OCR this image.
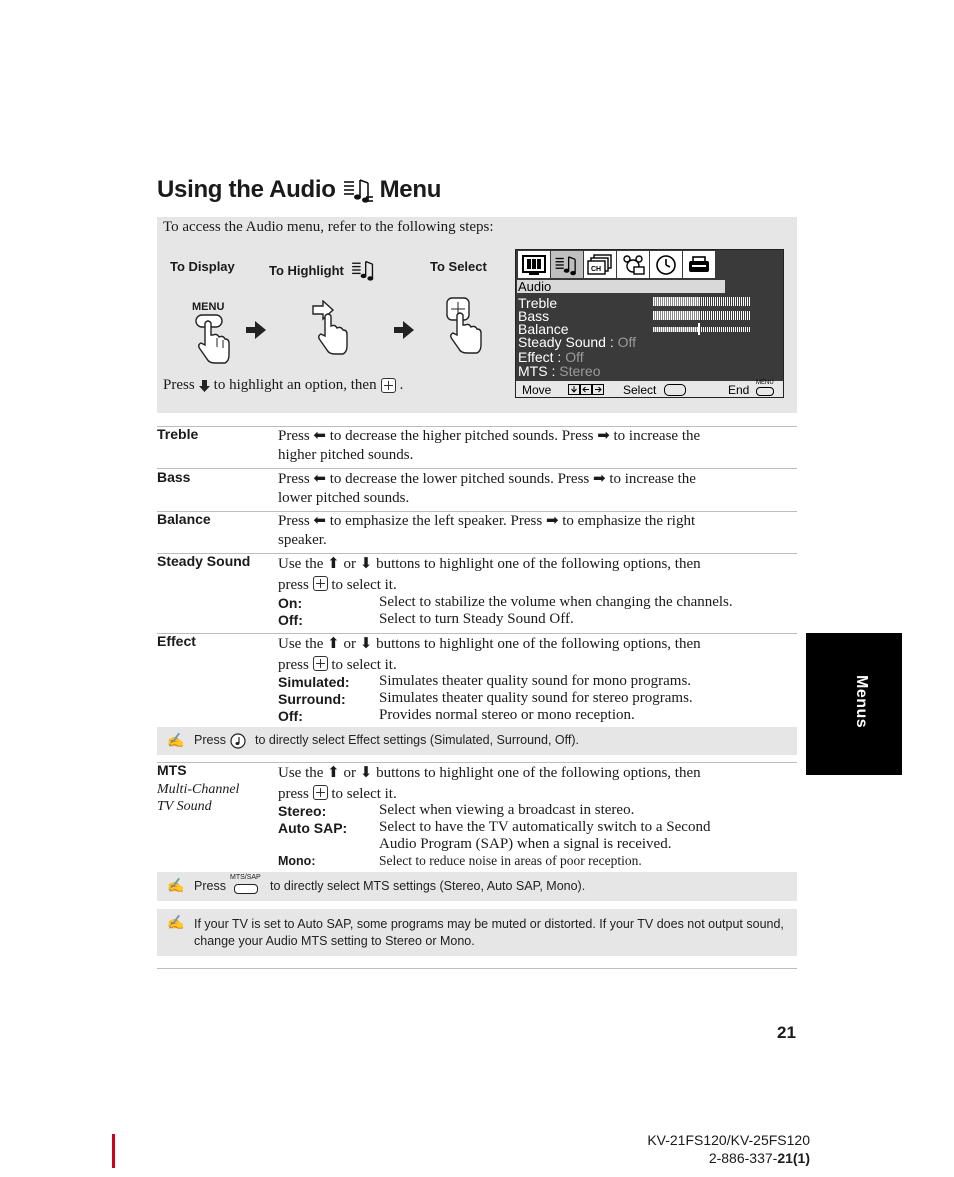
Using the Audio Menu
To access the Audio menu, refer to the following steps:
To Display	To Highlight	To Select
MENU
Press to highlight an option, then .
CH
Audio
Treble
Bass
Balance
Steady Sound : Off
Effect : Off
MTS : Stereo
Move	Select	End MENU
Treble	Press ⬅︎ to decrease the higher pitched sounds. Press ➡︎ to increase the
higher pitched sounds.
Bass	Press ⬅︎ to decrease the lower pitched sounds. Press ➡︎ to increase the
lower pitched sounds.
Balance	Press ⬅︎ to emphasize the left speaker. Press ➡︎ to emphasize the right
speaker.
Steady Sound Use the ⬆︎ or ⬇︎ buttons to highlight one of the following options, then
press to select it.
On:	Select to stabilize the volume when changing the channels.
Off:	Select to turn Steady Sound Off.
Effect	Use the ⬆︎ or ⬇︎ buttons to highlight one of the following options, then
press to select it.
Simulated: Simulates theater quality sound for mono programs.
Surround: Simulates theater quality sound for stereo programs.
Off:	Provides normal stereo or mono reception.
✍ Press to directly select Effect settings (Simulated, Surround, Off).
MTS
Multi-Channel
TV Sound
Use the ⬆︎ or ⬇︎ buttons to highlight one of the following options, then
press to select it.
Stereo:	Select when viewing a broadcast in stereo.
Auto SAP: Select to have the TV automatically switch to a Second
Audio Program (SAP) when a signal is received.
Mono:	Select to reduce noise in areas of poor reception.
✍ Press
MTS/SAP
to directly select MTS settings (Stereo, Auto SAP, Mono).
✍ If your TV is set to Auto SAP, some programs may be muted or distorted. If your TV does not output sound,
change your Audio MTS setting to Stereo or Mono.
Menus
21
KV-21FS120/KV-25FS120
2-886-337-21(1)
